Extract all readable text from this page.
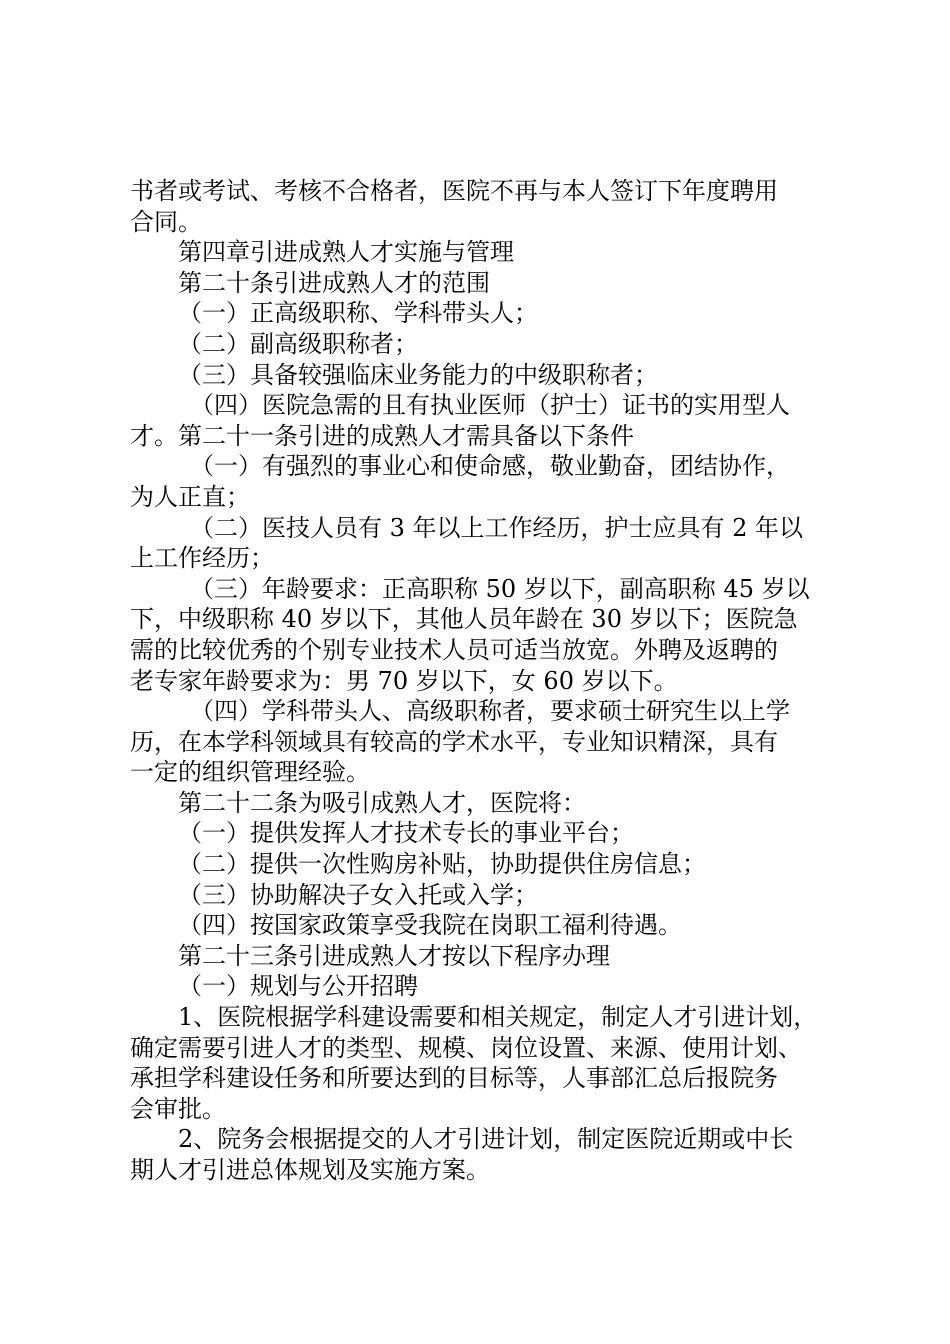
书者或考试、考核不合格者，医院不再与本人签订下年度聘用

合同。

第四章引进成熟人才实施与管理

第二十条引进成熟人才的范围

（一）正高级职称、学科带头人；

（二）副高级职称者；

（三）具备较强临床业务能力的中级职称者；

（四）医院急需的且有执业医师（护士）证书的实用型人

才。第二十一条引进的成熟人才需具备以下条件

（一）有强烈的事业心和使命感，敬业勤奋，团结协作，

为人正直；

（二）医技人员有 3 年以上工作经历，护士应具有 2 年以

上工作经历；

（三）年龄要求：正高职称 50 岁以下，副高职称 45 岁以

下，中级职称 40 岁以下，其他人员年龄在 30 岁以下；医院急

需的比较优秀的个别专业技术人员可适当放宽。外聘及返聘的

老专家年龄要求为：男 70 岁以下，女 60 岁以下。

（四）学科带头人、高级职称者，要求硕士研究生以上学

历，在本学科领域具有较高的学术水平，专业知识精深，具有

一定的组织管理经验。

第二十二条为吸引成熟人才，医院将：

（一）提供发挥人才技术专长的事业平台；

（二）提供一次性购房补贴，协助提供住房信息；

（三）协助解决子女入托或入学；

（四）按国家政策享受我院在岗职工福利待遇。

第二十三条引进成熟人才按以下程序办理

（一）规划与公开招聘

1、医院根据学科建设需要和相关规定，制定人才引进计划，

确定需要引进人才的类型、规模、岗位设置、来源、使用计划、

承担学科建设任务和所要达到的目标等，人事部汇总后报院务

会审批。

2、院务会根据提交的人才引进计划，制定医院近期或中长

期人才引进总体规划及实施方案。
